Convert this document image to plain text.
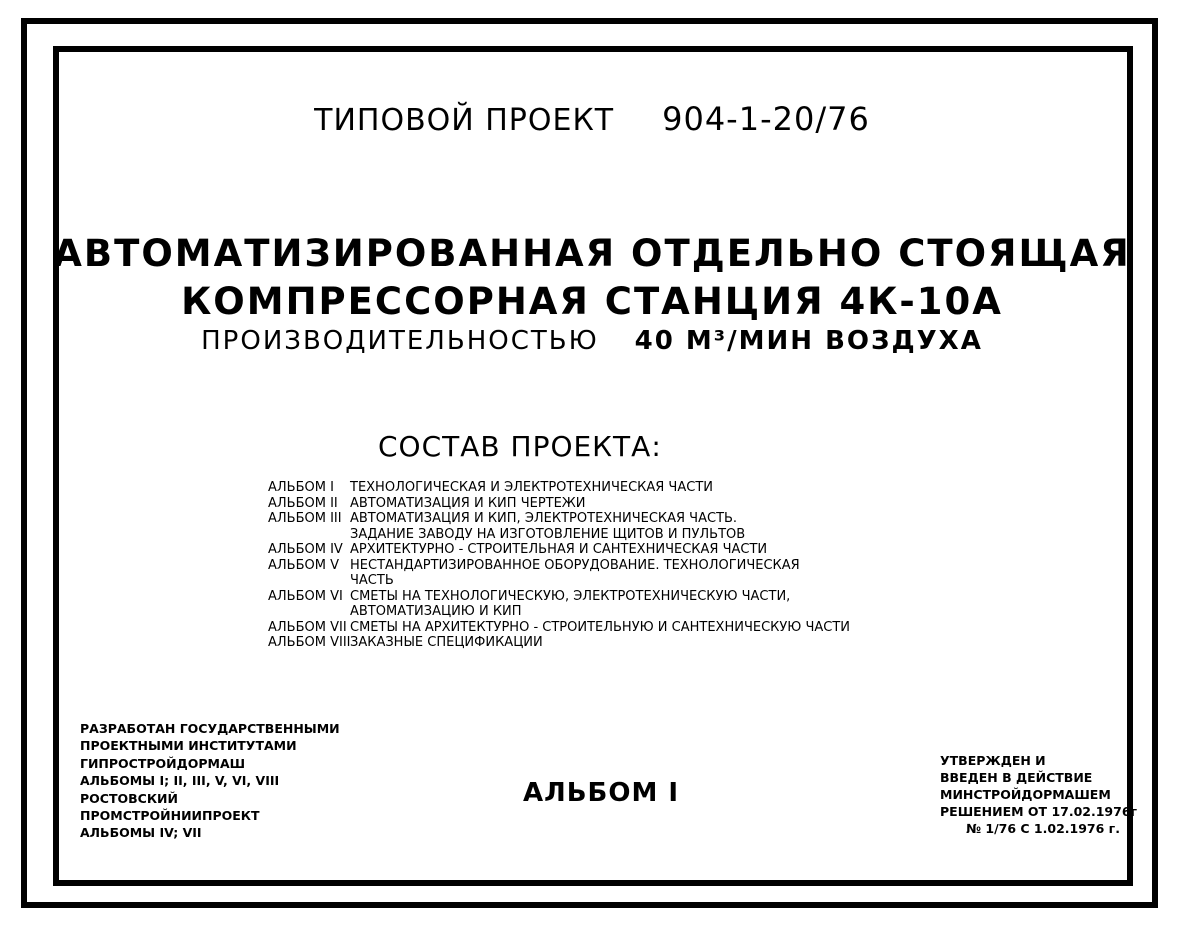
ТИПОВОЙ ПРОЕКТ 904-1-20/76
АВТОМАТИЗИРОВАННАЯ ОТДЕЛЬНО СТОЯЩАЯ
КОМПРЕССОРНАЯ СТАНЦИЯ 4К-10А
ПРОИЗВОДИТЕЛЬНОСТЬЮ 40 М³/МИН ВОЗДУХА
СОСТАВ ПРОЕКТА:
АЛЬБОМ I	ТЕХНОЛОГИЧЕСКАЯ И ЭЛЕКТРОТЕХНИЧЕСКАЯ ЧАСТИ
АЛЬБОМ II АВТОМАТИЗАЦИЯ И КИП ЧЕРТЕЖИ
АЛЬБОМ III АВТОМАТИЗАЦИЯ И КИП, ЭЛЕКТРОТЕХНИЧЕСКАЯ ЧАСТЬ.
ЗАДАНИЕ ЗАВОДУ НА ИЗГОТОВЛЕНИЕ ЩИТОВ И ПУЛЬТОВ
АЛЬБОМ IV АРХИТЕКТУРНО - СТРОИТЕЛЬНАЯ И САНТЕХНИЧЕСКАЯ ЧАСТИ
АЛЬБОМ V НЕСТАНДАРТИЗИРОВАННОЕ ОБОРУДОВАНИЕ. ТЕХНОЛОГИЧЕСКАЯ
ЧАСТЬ
АЛЬБОМ VI СМЕТЫ НА ТЕХНОЛОГИЧЕСКУЮ, ЭЛЕКТРОТЕХНИЧЕСКУЮ ЧАСТИ,
АВТОМАТИЗАЦИЮ И КИП
АЛЬБОМ VII СМЕТЫ НА АРХИТЕКТУРНО - СТРОИТЕЛЬНУЮ И САНТЕХНИЧЕСКУЮ ЧАСТИ
АЛЬБОМ VIII ЗАКАЗНЫЕ СПЕЦИФИКАЦИИ
РАЗРАБОТАН ГОСУДАРСТВЕННЫМИ
ПРОЕКТНЫМИ ИНСТИТУТАМИ
ГИПРОСТРОЙДОРМАШ
АЛЬБОМЫ I; II, III, V, VI, VIII
РОСТОВСКИЙ
ПРОМСТРОЙНИИПРОЕКТ
АЛЬБОМЫ IV; VII
АЛЬБОМ I
УТВЕРЖДЕН И
ВВЕДЕН В ДЕЙСТВИЕ
МИНСТРОЙДОРМАШЕМ
РЕШЕНИЕМ ОТ 17.02.1976г
№ 1/76 С 1.02.1976 г.
